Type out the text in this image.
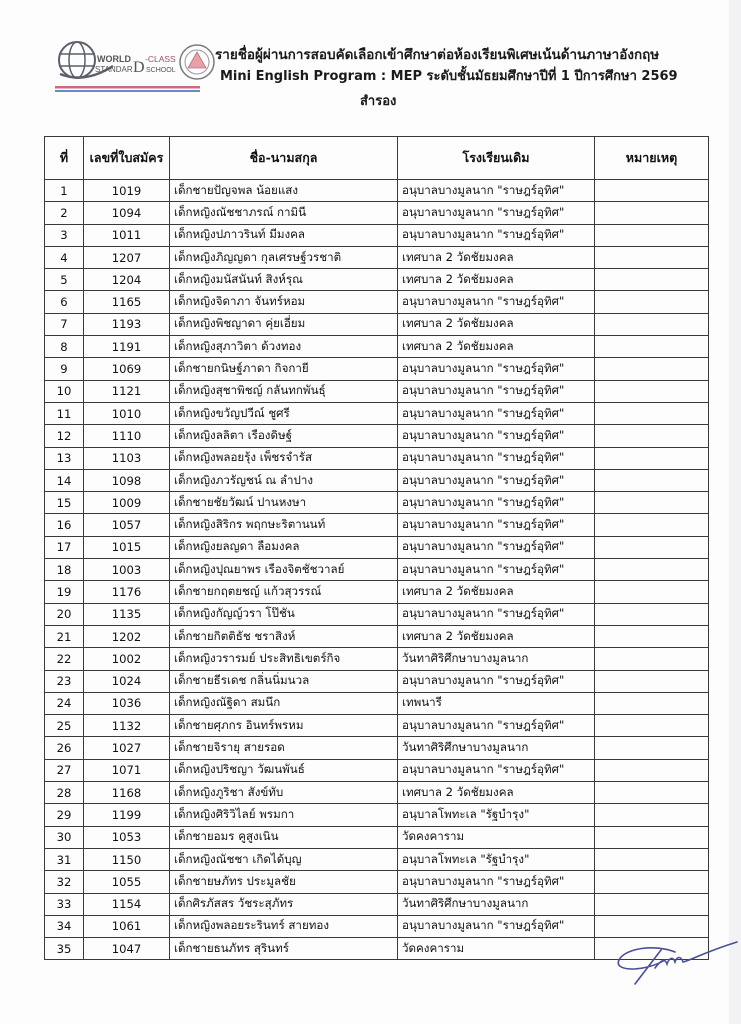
WORLD
STANDAR D -CLASS
SCHOOL
รายชื่อผู้ผ่านการสอบคัดเลือกเข้าศึกษาต่อห้องเรียนพิเศษเน้นด้านภาษาอังกฤษ
Mini English Program : MEP ระดับชั้นมัธยมศึกษาปีที่ 1 ปีการศึกษา 2569
สำรอง
ที่	เลขที่ใบสมัคร	ชื่อ-นามสกุล	โรงเรียนเดิม	หมายเหตุ
1	1019	เด็กชายปัญจพล น้อยแสง	อนุบาลบางมูลนาก "ราษฎร์อุทิศ"	
2	1094	เด็กหญิงณัชชาภรณ์ กามินี	อนุบาลบางมูลนาก "ราษฎร์อุทิศ"	
3	1011	เด็กหญิงปภาวรินท์ มีมงคล	อนุบาลบางมูลนาก "ราษฎร์อุทิศ"	
4	1207	เด็กหญิงภิญญดา กุลเศรษฐ์วรชาติ	เทศบาล 2 วัดชัยมงคล	
5	1204	เด็กหญิงมนัสนันท์ สิงห์รุณ	เทศบาล 2 วัดชัยมงคล	
6	1165	เด็กหญิงจิดาภา จันทร์หอม	อนุบาลบางมูลนาก "ราษฎร์อุทิศ"	
7	1193	เด็กหญิงพิชญาดา คุ่ยเอี่ยม	เทศบาล 2 วัดชัยมงคล	
8	1191	เด็กหญิงสุภาวิตา ด้วงทอง	เทศบาล 2 วัดชัยมงคล	
9	1069	เด็กชายกนิษฐ์ภาดา กิจกายี	อนุบาลบางมูลนาก "ราษฎร์อุทิศ"	
10	1121	เด็กหญิงสุชาพิชญ์ กลันทกพันธุ์	อนุบาลบางมูลนาก "ราษฎร์อุทิศ"	
11	1010	เด็กหญิงขวัญปวีณ์ ชูศรี	อนุบาลบางมูลนาก "ราษฎร์อุทิศ"	
12	1110	เด็กหญิงลลิตา เรืองดิษฐ์	อนุบาลบางมูลนาก "ราษฎร์อุทิศ"	
13	1103	เด็กหญิงพลอยรุ้ง เพ็ชรจำรัส	อนุบาลบางมูลนาก "ราษฎร์อุทิศ"	
14	1098	เด็กหญิงภวรัญชน์ ณ ลำปาง	อนุบาลบางมูลนาก "ราษฎร์อุทิศ"	
15	1009	เด็กชายชัยวัฒน์ ปานหงษา	อนุบาลบางมูลนาก "ราษฎร์อุทิศ"	
16	1057	เด็กหญิงสิริกร พฤกษะริตานนท์	อนุบาลบางมูลนาก "ราษฎร์อุทิศ"	
17	1015	เด็กหญิงยลญดา ลือมงคล	อนุบาลบางมูลนาก "ราษฎร์อุทิศ"	
18	1003	เด็กหญิงปุณยาพร เรืองจิตชัชวาลย์	อนุบาลบางมูลนาก "ราษฎร์อุทิศ"	
19	1176	เด็กชายกฤตยชญ์ แก้วสุวรรณ์	เทศบาล 2 วัดชัยมงคล	
20	1135	เด็กหญิงกัญญ์วรา โป๊ชัน	อนุบาลบางมูลนาก "ราษฎร์อุทิศ"	
21	1202	เด็กชายกิตติธัช ชราสิงห์	เทศบาล 2 วัดชัยมงคล	
22	1002	เด็กหญิงวรารมย์ ประสิทธิเขตร์กิจ	วันทาศิริศึกษาบางมูลนาก	
23	1024	เด็กชายธีรเดช กลิ่นนิ่มนวล	อนุบาลบางมูลนาก "ราษฎร์อุทิศ"	
24	1036	เด็กหญิงณัฐิดา สมนึก	เทพนารี	
25	1132	เด็กชายศุภกร อินทร์พรหม	อนุบาลบางมูลนาก "ราษฎร์อุทิศ"	
26	1027	เด็กชายจิรายุ สายรอด	วันทาศิริศึกษาบางมูลนาก	
27	1071	เด็กหญิงปริชญา วัฒนพันธ์	อนุบาลบางมูลนาก "ราษฎร์อุทิศ"	
28	1168	เด็กหญิงภูริชา สังข์ทับ	เทศบาล 2 วัดชัยมงคล	
29	1199	เด็กหญิงศิริวิไลย์ พรมกา	อนุบาลโพทะเล "รัฐบำรุง"	
30	1053	เด็กชายอมร คูสูงเนิน	วัดคงคาราม	
31	1150	เด็กหญิงณัชชา เกิดได้บุญ	อนุบาลโพทะเล "รัฐบำรุง"	
32	1055	เด็กชายษภัทร ประมูลชัย	อนุบาลบางมูลนาก "ราษฎร์อุทิศ"	
33	1154	เด็กศิรภัสสร วัชระสุภัทร	วันทาศิริศึกษาบางมูลนาก	
34	1061	เด็กหญิงพลอยระรินทร์ สายทอง	อนุบาลบางมูลนาก "ราษฎร์อุทิศ"	
35	1047	เด็กชายธนภัทร สุรินทร์	วัดคงคาราม	
